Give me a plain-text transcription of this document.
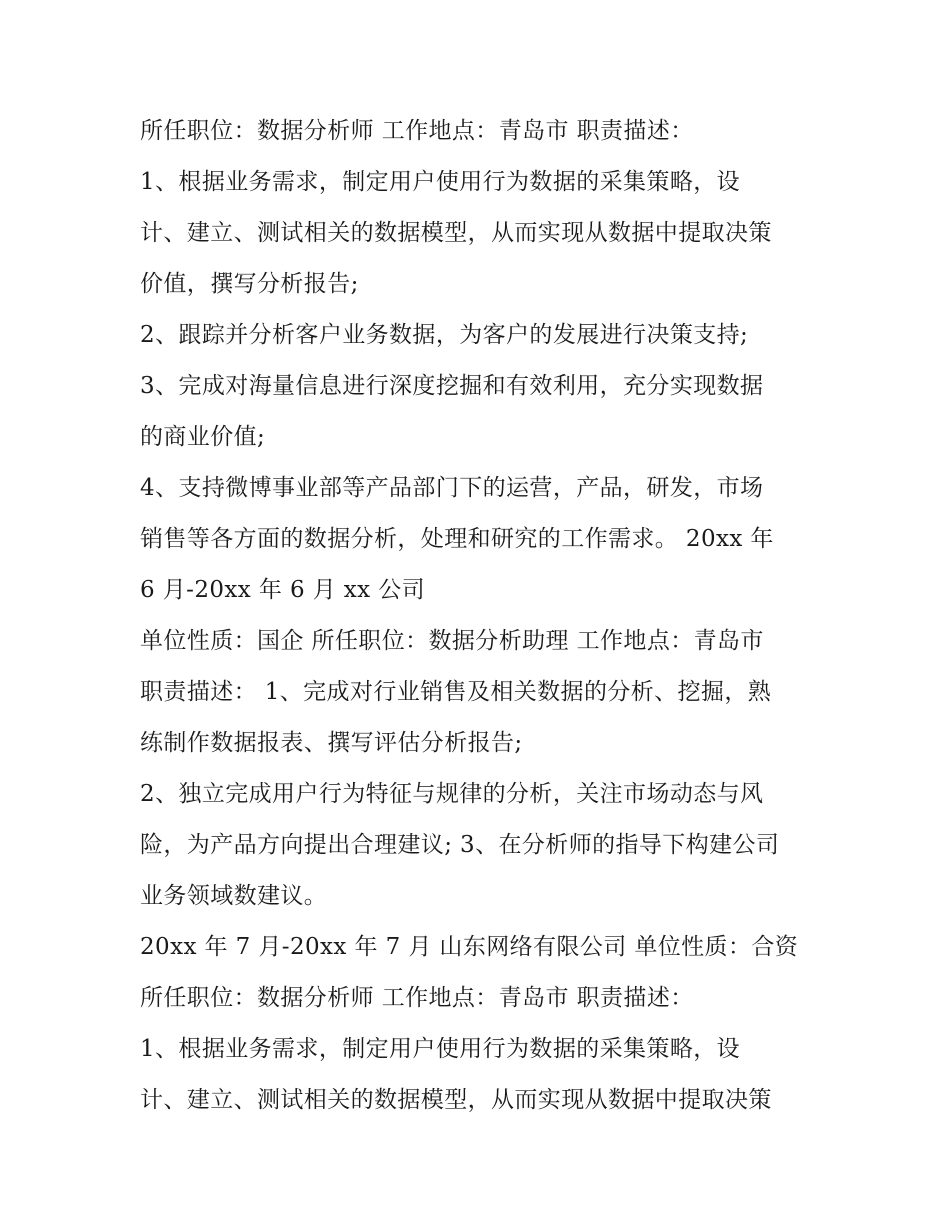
所任职位：数据分析师 工作地点：青岛市 职责描述：
1、根据业务需求，制定用户使用行为数据的采集策略，设
计、建立、测试相关的数据模型，从而实现从数据中提取决策
价值，撰写分析报告;
2、跟踪并分析客户业务数据，为客户的发展进行决策支持;
3、完成对海量信息进行深度挖掘和有效利用，充分实现数据
的商业价值;
4、支持微博事业部等产品部门下的运营，产品，研发，市场
销售等各方面的数据分析，处理和研究的工作需求。 20xx 年
6 月-20xx 年 6 月 xx 公司
单位性质：国企 所任职位：数据分析助理 工作地点：青岛市
职责描述： 1、完成对行业销售及相关数据的分析、挖掘，熟
练制作数据报表、撰写评估分析报告;
2、独立完成用户行为特征与规律的分析，关注市场动态与风
险，为产品方向提出合理建议; 3、在分析师的指导下构建公司
业务领域数建议。
20xx 年 7 月-20xx 年 7 月 山东网络有限公司 单位性质：合资
所任职位：数据分析师 工作地点：青岛市 职责描述：
1、根据业务需求，制定用户使用行为数据的采集策略，设
计、建立、测试相关的数据模型，从而实现从数据中提取决策
